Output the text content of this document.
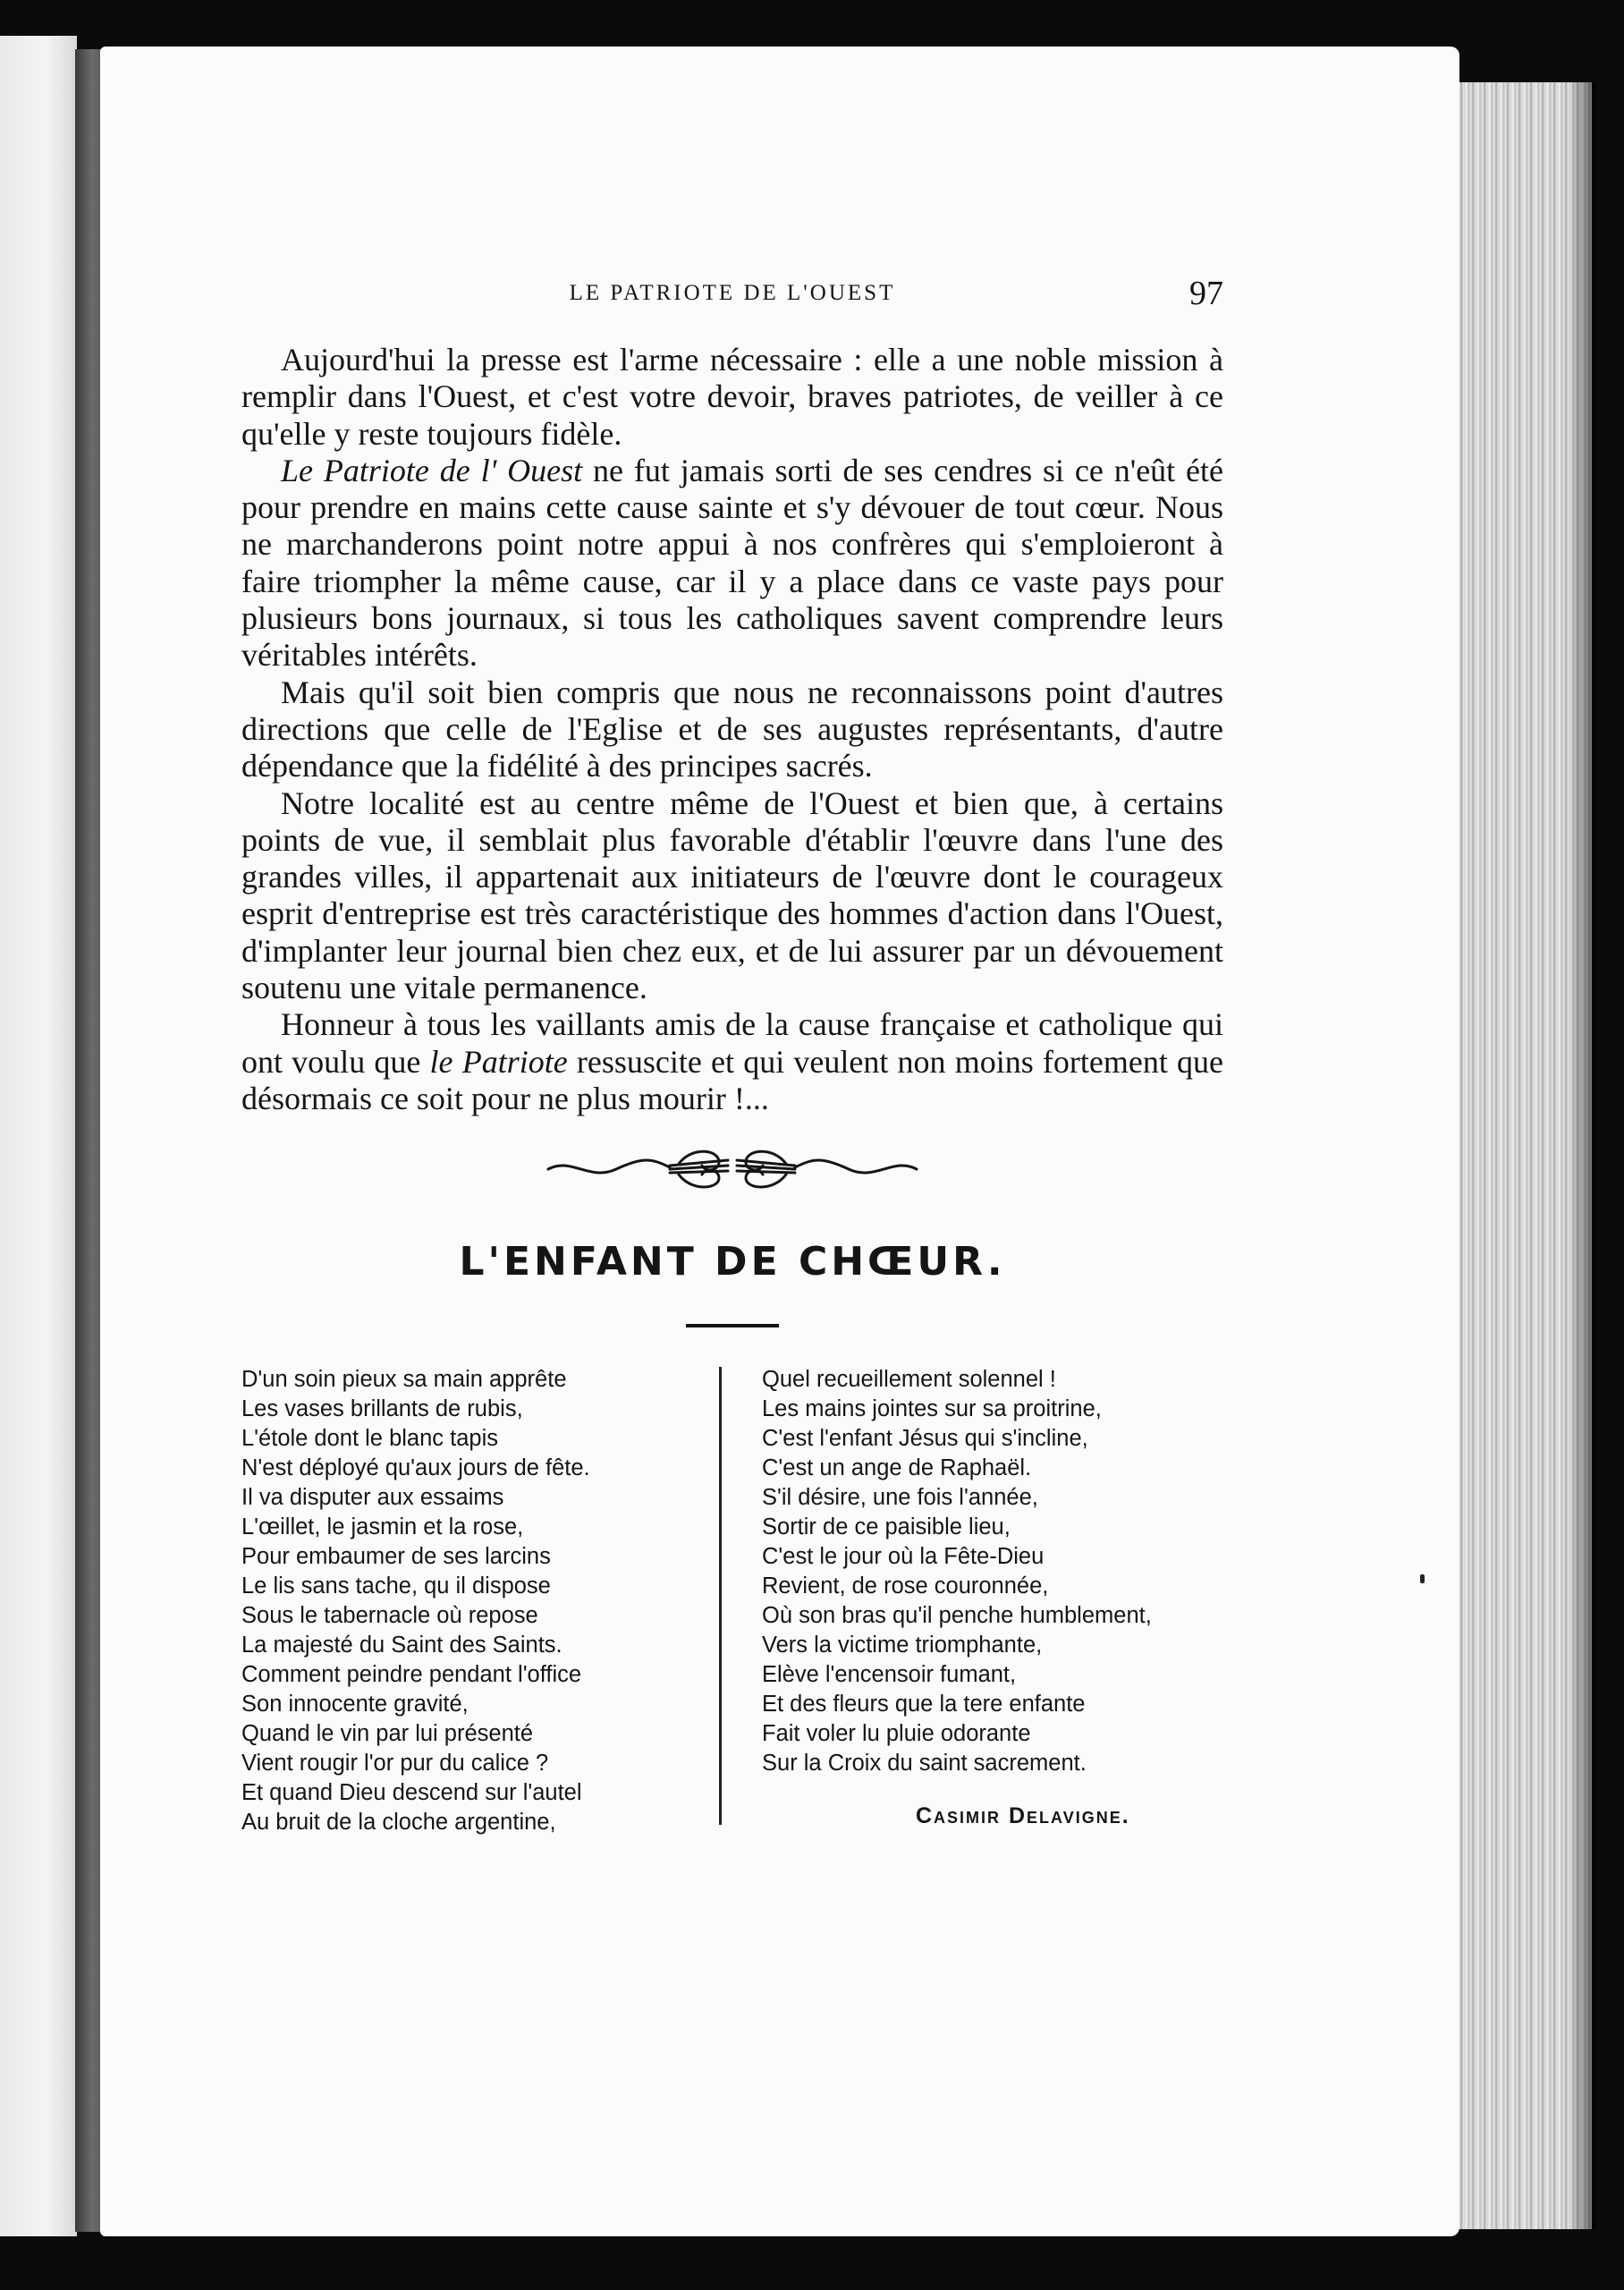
LE PATRIOTE DE L'OUEST	97

Aujourd'hui la presse est l'arme nécessaire : elle a une noble mission à remplir dans l'Ouest, et c'est votre devoir, braves patriotes, de veiller à ce qu'elle y reste toujours fidèle.

Le Patriote de l' Ouest ne fut jamais sorti de ses cendres si ce n'eût été pour prendre en mains cette cause sainte et s'y dévouer de tout cœur. Nous ne marchanderons point notre appui à nos confrères qui s'emploieront à faire triompher la même cause, car il y a place dans ce vaste pays pour plusieurs bons journaux, si tous les catholiques savent comprendre leurs véritables intérêts.

Mais qu'il soit bien compris que nous ne reconnaissons point d'autres directions que celle de l'Eglise et de ses augustes représentants, d'autre dépendance que la fidélité à des principes sacrés.

Notre localité est au centre même de l'Ouest et bien que, à certains points de vue, il semblait plus favorable d'établir l'œuvre dans l'une des grandes villes, il appartenait aux initiateurs de l'œuvre dont le courageux esprit d'entreprise est très caractéristique des hommes d'action dans l'Ouest, d'implanter leur journal bien chez eux, et de lui assurer par un dévouement soutenu une vitale permanence.

Honneur à tous les vaillants amis de la cause française et catholique qui ont voulu que le Patriote ressuscite et qui veulent non moins fortement que désormais ce soit pour ne plus mourir !...

L'ENFANT DE CHŒUR.
D'un soin pieux sa main apprête
Les vases brillants de rubis,
L'étole dont le blanc tapis
N'est déployé qu'aux jours de fête.
Il va disputer aux essaims
L'œillet, le jasmin et la rose,
Pour embaumer de ses larcins
Le lis sans tache, qu il dispose
Sous le tabernacle où repose
La majesté du Saint des Saints.
Comment peindre pendant l'office
Son innocente gravité,
Quand le vin par lui présenté
Vient rougir l'or pur du calice ?
Et quand Dieu descend sur l'autel
Au bruit de la cloche argentine,
Quel recueillement solennel !
Les mains jointes sur sa proitrine,
C'est l'enfant Jésus qui s'incline,
C'est un ange de Raphaël.
S'il désire, une fois l'année,
Sortir de ce paisible lieu,
C'est le jour où la Fête-Dieu
Revient, de rose couronnée,
Où son bras qu'il penche humblement,
Vers la victime triomphante,
Elève l'encensoir fumant,
Et des fleurs que la tere enfante
Fait voler lu pluie odorante
Sur la Croix du saint sacrement.
Casimir Delavigne.
